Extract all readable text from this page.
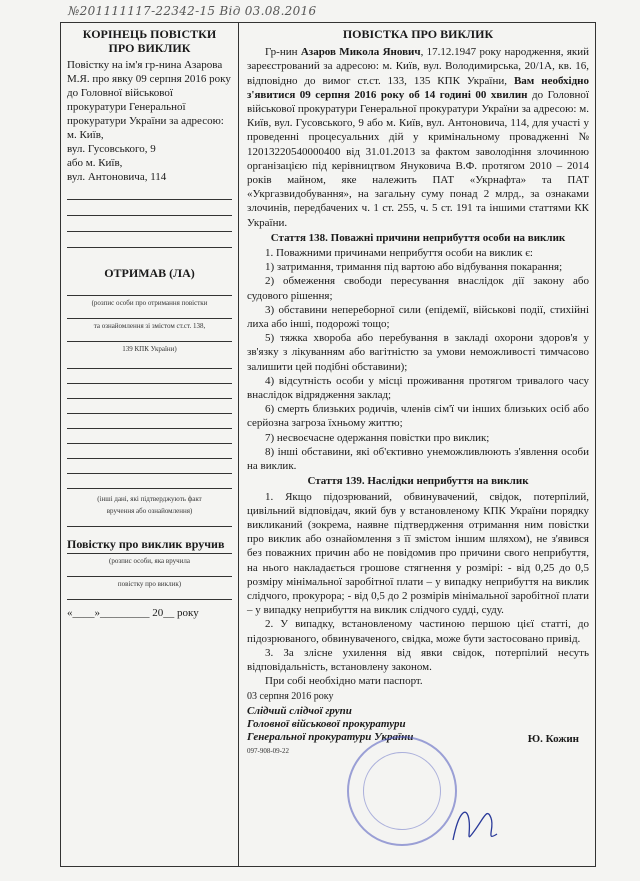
№201111117-22342-15 Від 03.08.2016
КОРІНЕЦЬ ПОВІСТКИ
ПРО ВИКЛИК

Повістку на ім'я гр-нина Азарова М.Я. про явку 09 серпня 2016 року до Головної військової прокуратури Генеральної прокуратури України за адресою: м. Київ,

вул. Гусовського, 9

або м. Київ,

вул. Антоновича, 114

ОТРИМАВ (ЛА)
(розпис особи про отримання повістки
та ознайомлення зі змістом ст.ст. 138,
139 КПК України)
(інші дані, які підтверджують факт
вручення або ознайомлення)

Повістку про виклик вручив

(розпис особи, яка вручила
повістку про виклик)

«____»_________ 20__ року

ПОВІСТКА ПРО ВИКЛИК

Гр-нин Азаров Микола Янович, 17.12.1947 року народження, який зареєстрований за адресою: м. Київ, вул. Володимирська, 20/1А, кв. 16, відповідно до вимог ст.ст. 133, 135 КПК України, Вам необхідно з'явитися 09 серпня 2016 року об 14 годині 00 хвилин до Головної військової прокуратури Генеральної прокуратури України за адресою: м. Київ, вул. Гусовського, 9 або м. Київ, вул. Антоновича, 114, для участі у проведенні процесуальних дій у кримінальному провадженні № 12013220540000400 від 31.01.2013 за фактом заволодіння злочинною організацією під керівництвом Януковича В.Ф. протягом 2010 – 2014 років майном, яке належить ПАТ «Укрнафта» та ПАТ «Укргазвидобування», на загальну суму понад 2 млрд., за ознаками злочинів, передбачених ч. 1 ст. 255, ч. 5 ст. 191 та іншими статтями КК України.

Стаття 138. Поважні причини неприбуття особи на виклик

1. Поважними причинами неприбуття особи на виклик є:

1) затримання, тримання під вартою або відбування покарання;

2) обмеження свободи пересування внаслідок дії закону або судового рішення;

3) обставини непереборної сили (епідемії, військові події, стихійні лиха або інші, подорожі тощо;

5) тяжка хвороба або перебування в закладі охорони здоров'я у зв'язку з лікуванням або вагітністю за умови неможливості тимчасово залишити цей подібні обставини);

4) відсутність особи у місці проживання протягом тривалого часу внаслідок відрядження заклад;

6) смерть близьких родичів, членів сім'ї чи інших близьких осіб або серйозна загроза їхньому життю;

7) несвоєчасне одержання повістки про виклик;

8) інші обставини, які об'єктивно унеможливлюють з'явлення особи на виклик.

Стаття 139. Наслідки неприбуття на виклик

1. Якщо підозрюваний, обвинувачений, свідок, потерпілий, цивільний відповідач, який був у встановленому КПК України порядку викликаний (зокрема, наявне підтвердження отримання ним повістки про виклик або ознайомлення з її змістом іншим шляхом), не з'явився без поважних причин або не повідомив про причини свого неприбуття, на нього накладається грошове стягнення у розмірі: - від 0,25 до 0,5 розміру мінімальної заробітної плати – у випадку неприбуття на виклик слідчого, прокурора; - від 0,5 до 2 розмірів мінімальної заробітної плати – у випадку неприбуття на виклик слідчого судді, суду.

2. У випадку, встановленому частиною першою цієї статті, до підозрюваного, обвинуваченого, свідка, може бути застосовано привід.

3. За злісне ухилення від явки свідок, потерпілий несуть відповідальність, встановлену законом.

При собі необхідно мати паспорт.

03 серпня 2016 року
Слідчий слідчої групи
Головної військової прокуратури
Генеральної прокуратури України
097-908-09-22
Ю. Кожин
